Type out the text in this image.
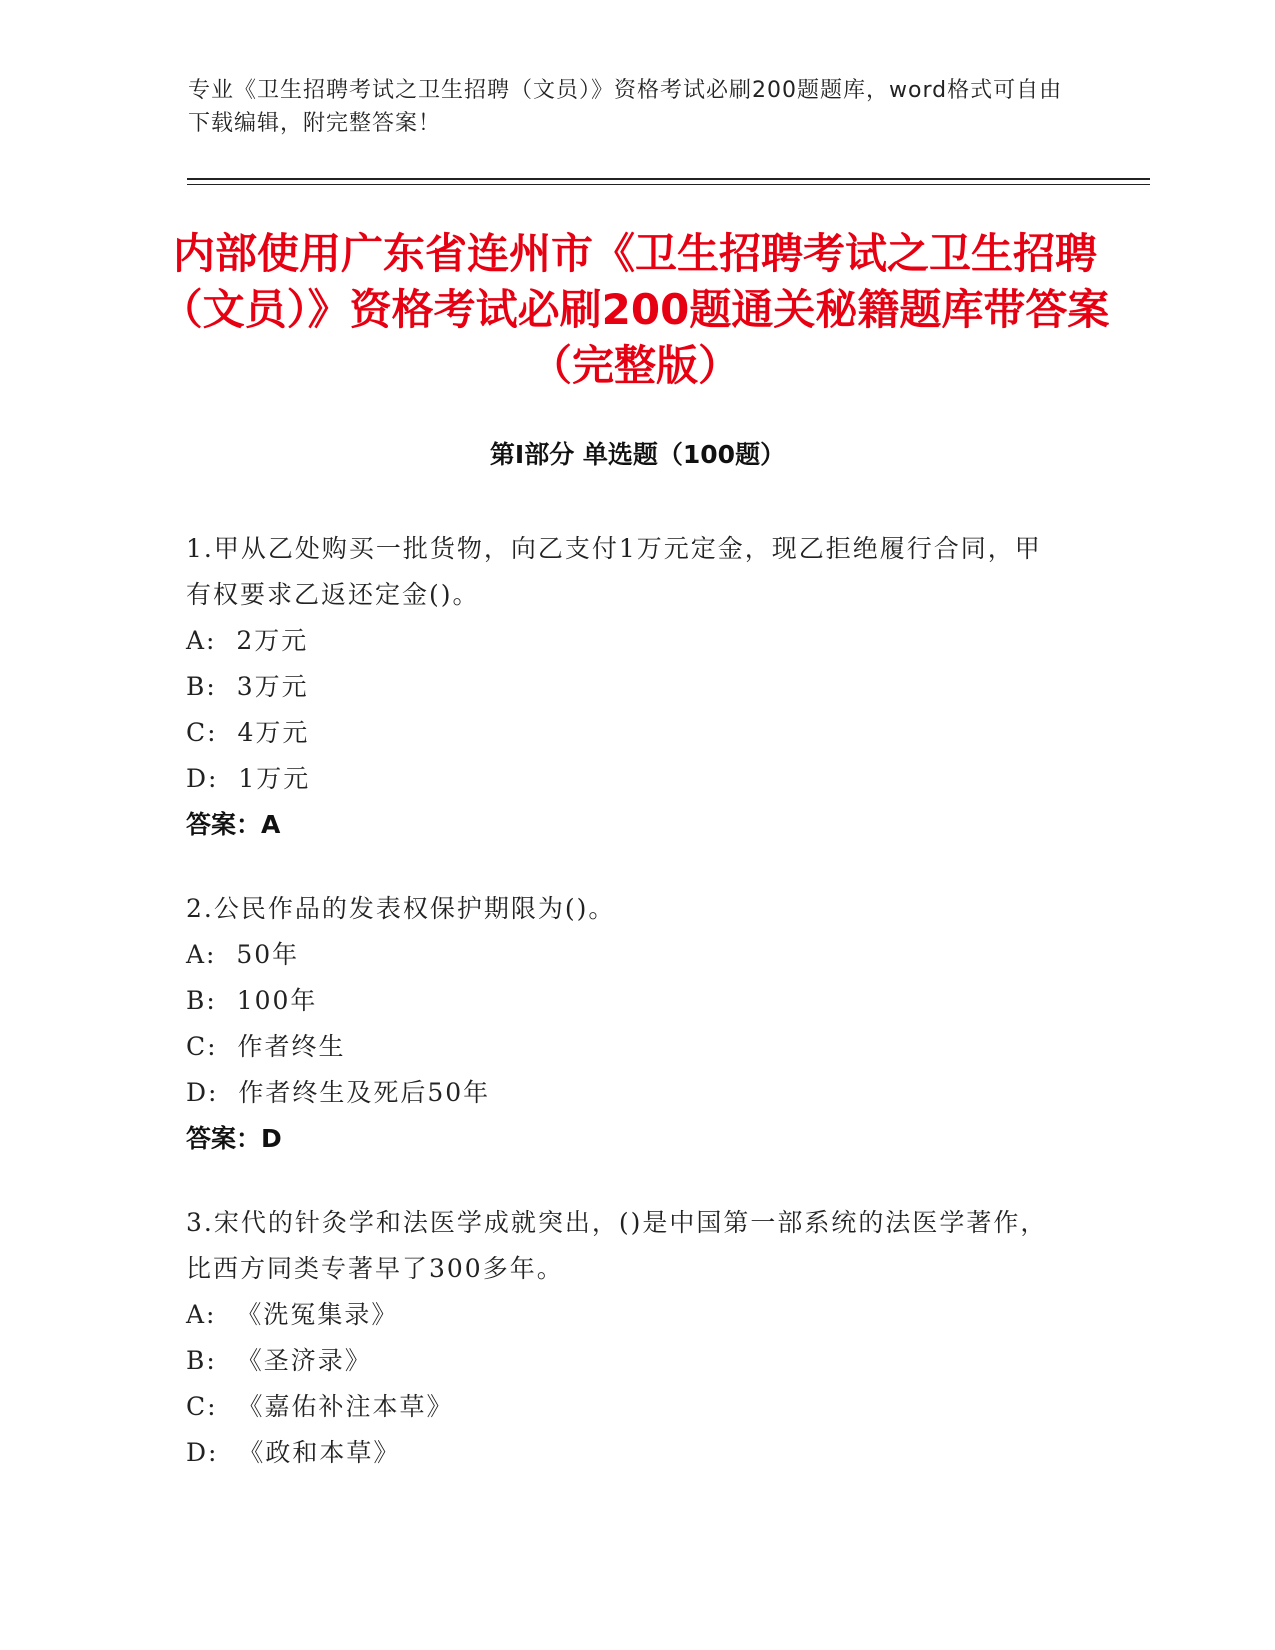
专业《卫生招聘考试之卫生招聘（文员）》资格考试必刷200题题库，word格式可自由下载编辑，附完整答案！
内部使用广东省连州市《卫生招聘考试之卫生招聘（文员）》资格考试必刷200题通关秘籍题库带答案（完整版）
第I部分 单选题（100题）
1.甲从乙处购买一批货物，向乙支付1万元定金，现乙拒绝履行合同，甲有权要求乙返还定金()。
A:  2万元
B:  3万元
C:  4万元
D:  1万元
答案：A
2.公民作品的发表权保护期限为()。
A:  50年
B:  100年
C:  作者终生
D:  作者终生及死后50年
答案：D
3.宋代的针灸学和法医学成就突出，()是中国第一部系统的法医学著作，比西方同类专著早了300多年。
A:  《洗冤集录》
B:  《圣济录》
C:  《嘉佑补注本草》
D:  《政和本草》
